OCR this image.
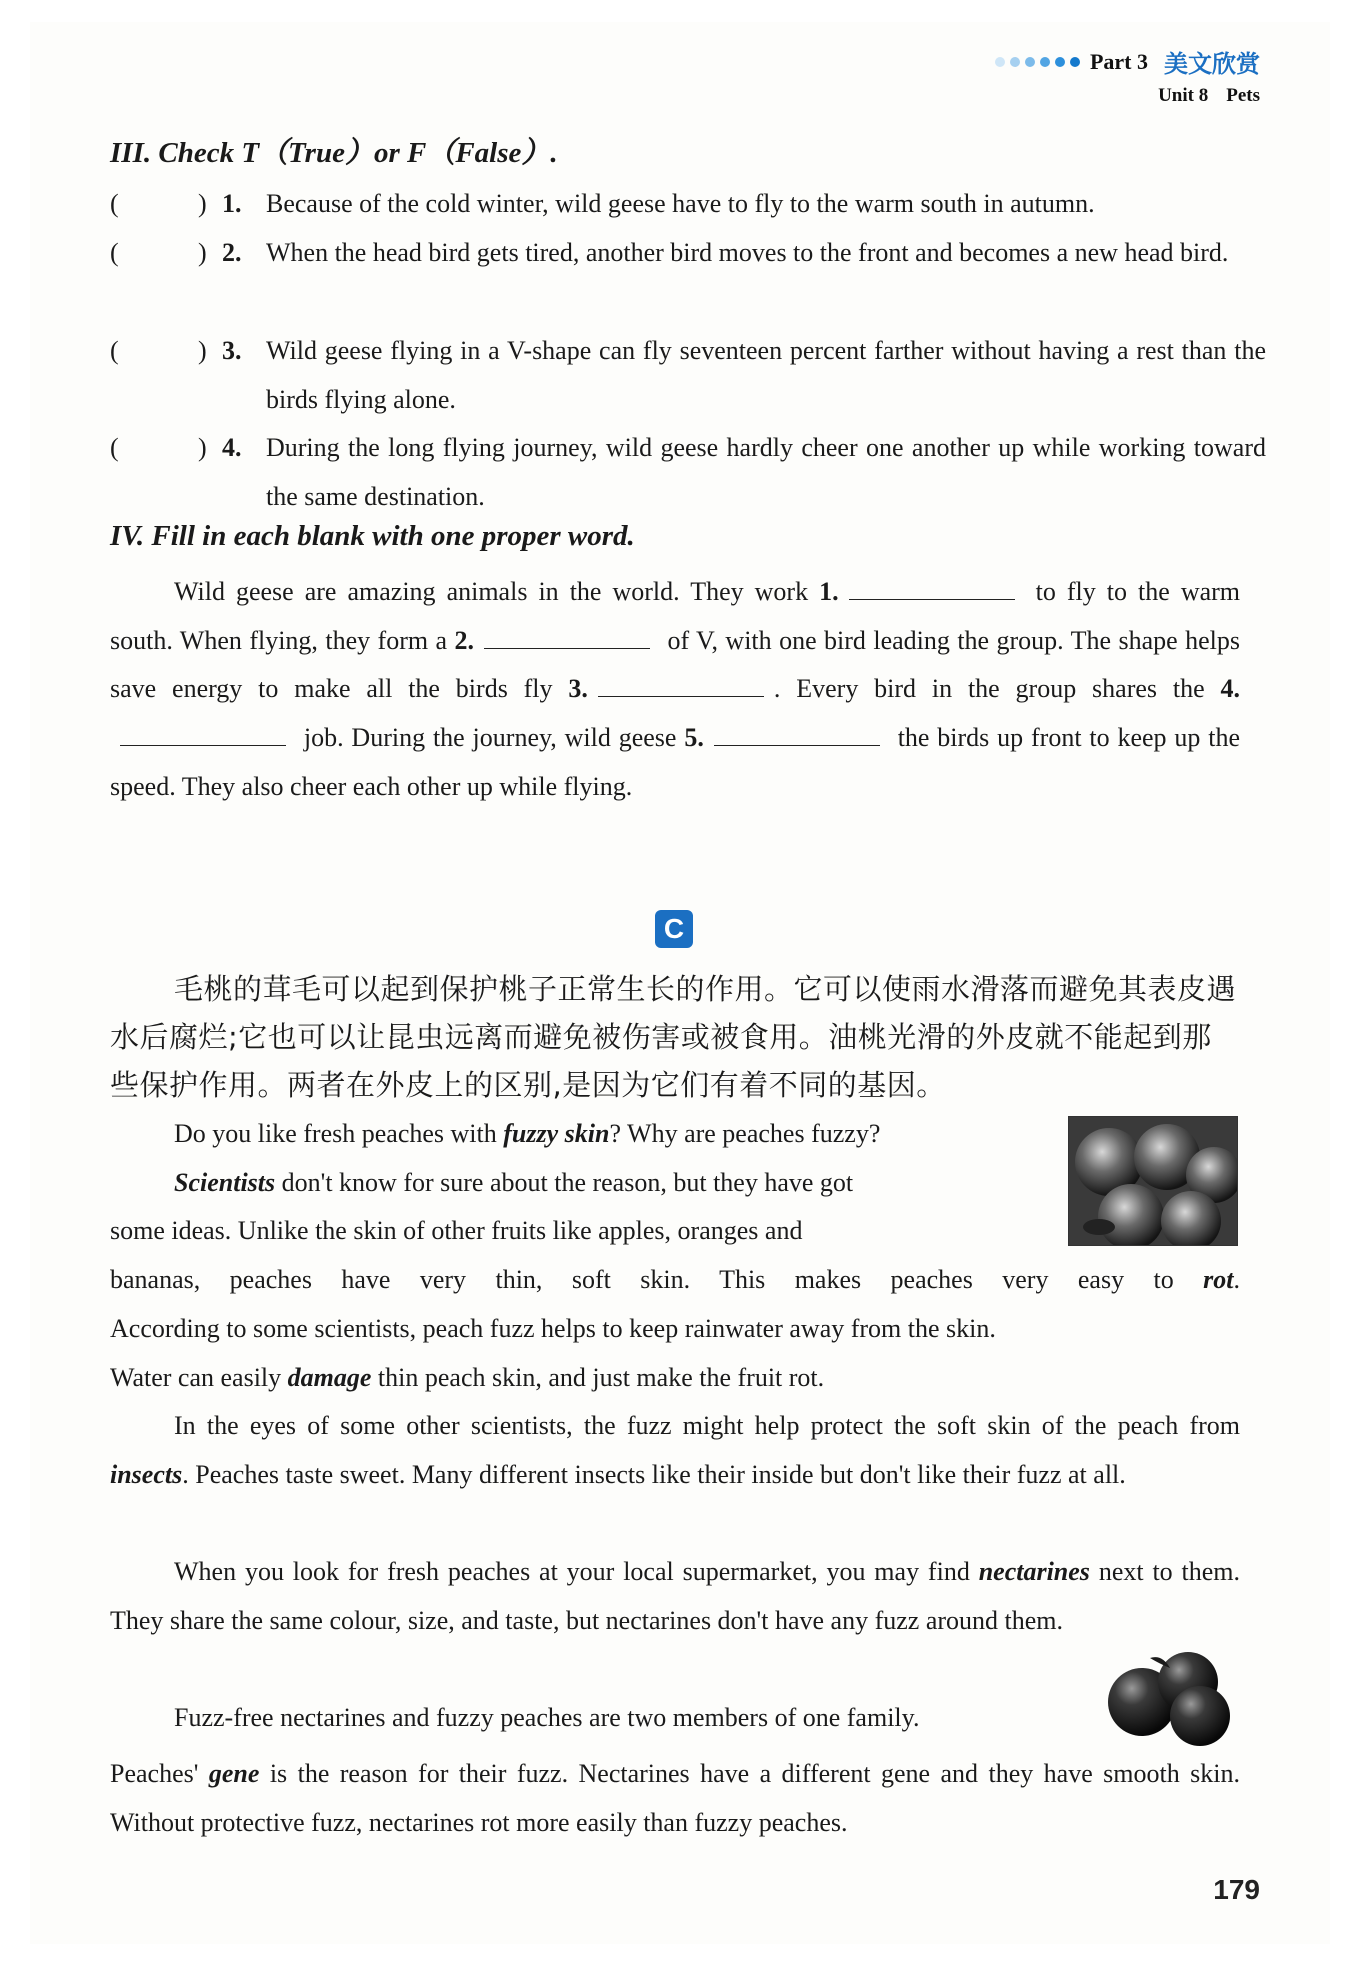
Part 3 美文欣赏
Unit 8 Pets
III. Check T（True）or F（False）.
(	) 1. Because of the cold winter, wild geese have to fly to the warm south in autumn.
(	) 2. When the head bird gets tired, another bird moves to the front and becomes a new head bird.
(	) 3. Wild geese flying in a V-shape can fly seventeen percent farther without having a rest than the birds flying alone.
(	) 4. During the long flying journey, wild geese hardly cheer one another up while working toward the same destination.
IV. Fill in each blank with one proper word.
Wild geese are amazing animals in the world. They work 1.	to fly to the warm south. When flying, they form a 2.	of V, with one bird leading the group. The shape helps save energy to make all the birds fly 3.	. Every bird in the group shares the 4. job. During the journey, wild geese 5.	the birds up front to keep up the speed. They also cheer each other up while flying.
C
毛桃的茸毛可以起到保护桃子正常生长的作用。它可以使雨水滑落而避免其表皮遇水后腐烂;它也可以让昆虫远离而避免被伤害或被食用。油桃光滑的外皮就不能起到那些保护作用。两者在外皮上的区别,是因为它们有着不同的基因。
Do you like fresh peaches with fuzzy skin? Why are peaches fuzzy?
Scientists don't know for sure about the reason, but they have got
some ideas. Unlike the skin of other fruits like apples, oranges and
bananas, peaches have very thin, soft skin. This makes peaches very easy to rot.
According to some scientists, peach fuzz helps to keep rainwater away from the skin.
Water can easily damage thin peach skin, and just make the fruit rot.
In the eyes of some other scientists, the fuzz might help protect the soft skin of the peach from insects. Peaches taste sweet. Many different insects like their inside but don't like their fuzz at all.
When you look for fresh peaches at your local supermarket, you may find nectarines next to them. They share the same colour, size, and taste, but nectarines don't have any fuzz around them.
Fuzz-free nectarines and fuzzy peaches are two members of one family.
Peaches' gene is the reason for their fuzz. Nectarines have a different gene and they have smooth skin. Without protective fuzz, nectarines rot more easily than fuzzy peaches.
179
